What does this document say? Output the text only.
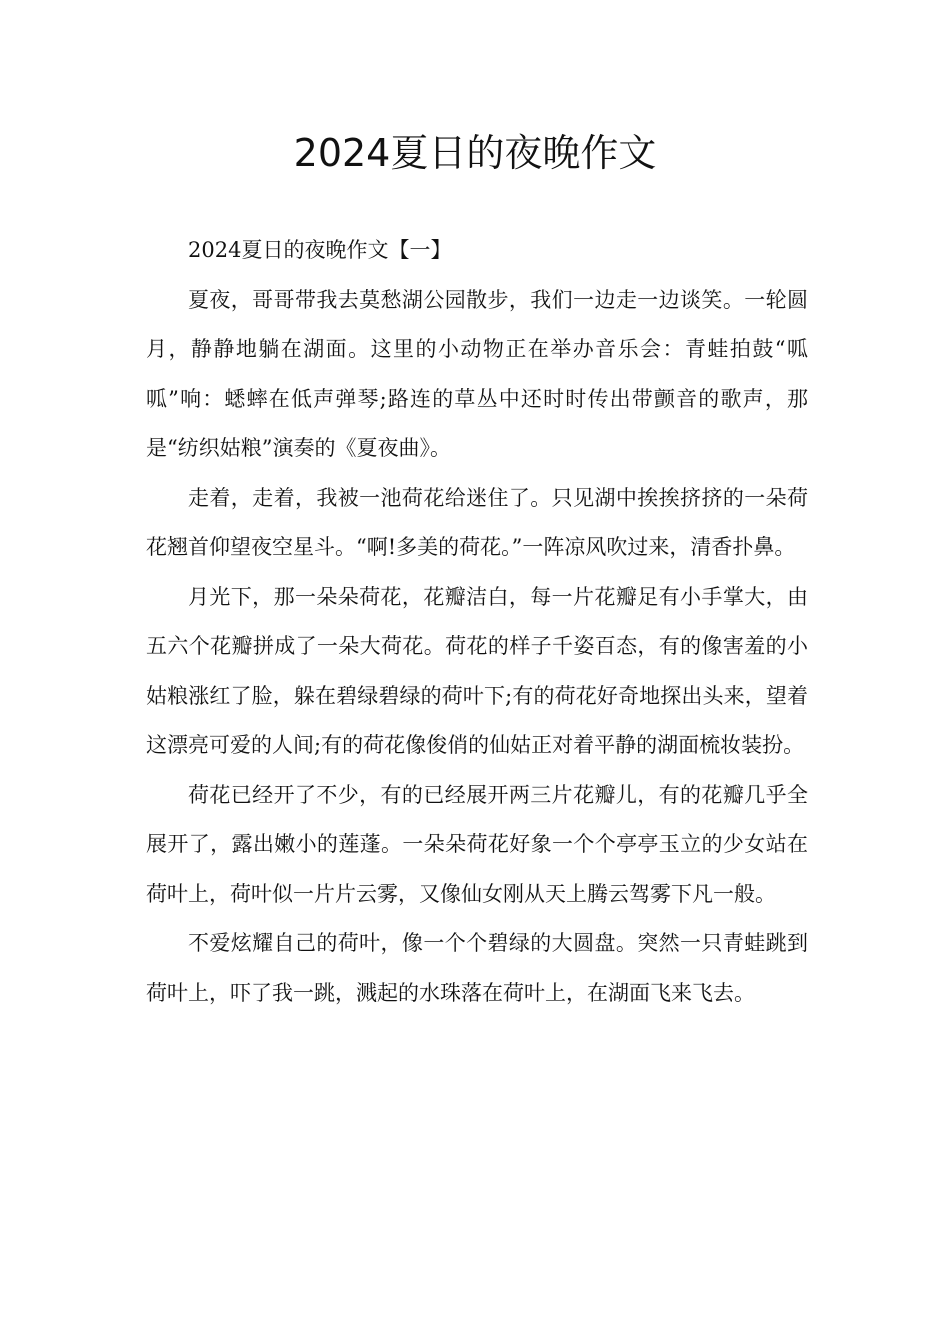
2024夏日的夜晚作文

2024夏日的夜晚作文【一】

夏夜，哥哥带我去莫愁湖公园散步，我们一边走一边谈笑。一轮圆月，静静地躺在湖面。这里的小动物正在举办音乐会：青蛙拍鼓“呱呱”响：蟋蟀在低声弹琴;路连的草丛中还时时传出带颤音的歌声，那是“纺织姑粮”演奏的《夏夜曲》。

走着，走着，我被一池荷花给迷住了。只见湖中挨挨挤挤的一朵荷花翘首仰望夜空星斗。“啊!多美的荷花。”一阵凉风吹过来，清香扑鼻。

月光下，那一朵朵荷花，花瓣洁白，每一片花瓣足有小手掌大，由五六个花瓣拼成了一朵大荷花。荷花的样子千姿百态，有的像害羞的小姑粮涨红了脸，躲在碧绿碧绿的荷叶下;有的荷花好奇地探出头来，望着这漂亮可爱的人间;有的荷花像俊俏的仙姑正对着平静的湖面梳妆装扮。

荷花已经开了不少，有的已经展开两三片花瓣儿，有的花瓣几乎全展开了，露出嫩小的莲蓬。一朵朵荷花好象一个个亭亭玉立的少女站在荷叶上，荷叶似一片片云雾，又像仙女刚从天上腾云驾雾下凡一般。

不爱炫耀自己的荷叶，像一个个碧绿的大圆盘。突然一只青蛙跳到荷叶上，吓了我一跳，溅起的水珠落在荷叶上，在湖面飞来飞去。
